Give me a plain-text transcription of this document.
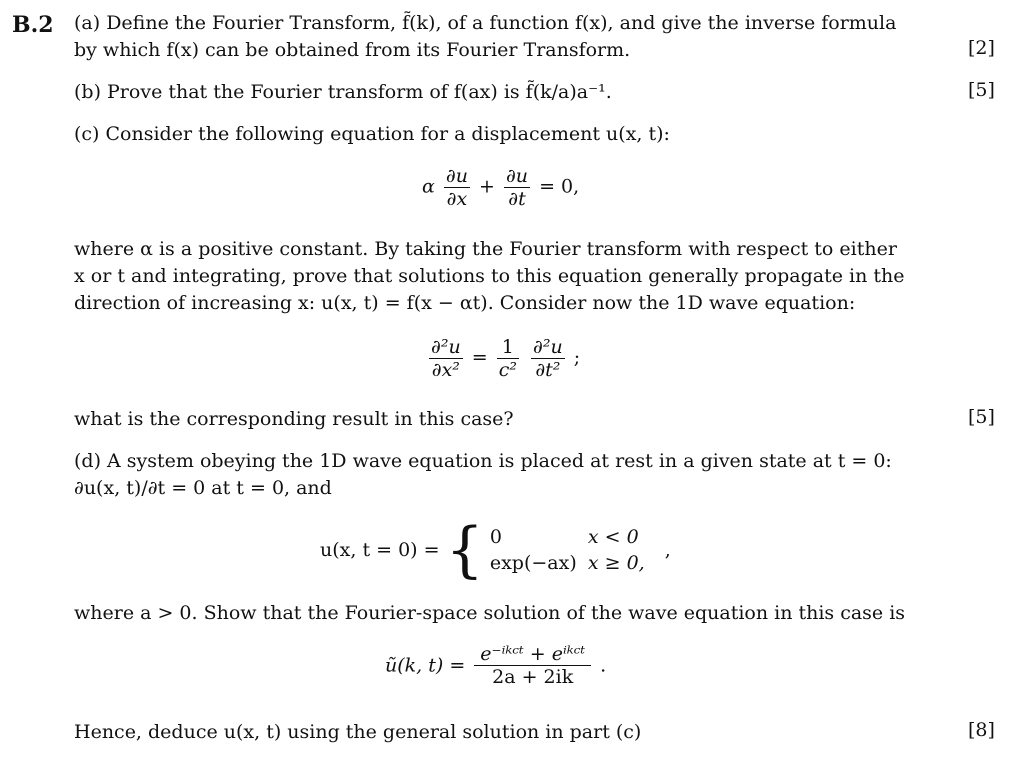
B.2 (a) Define the Fourier Transform, f̃(k), of a function f(x), and give the inverse formula
by which f(x) can be obtained from its Fourier Transform.	[2]
(b) Prove that the Fourier transform of f(ax) is f̃(k/a)a⁻¹.	[5]
(c) Consider the following equation for a displacement u(x, t):
α $\frac{\partial u}{\partial x} + \frac{\partial u}{\partial t} = 0$,
where α is a positive constant. By taking the Fourier transform with respect to either
x or t and integrating, prove that solutions to this equation generally propagate in the
direction of increasing x: u(x, t) = f(x − αt). Consider now the 1D wave equation:
$\frac{\text{∂²u}}{\text{∂x²}} = \frac{1}{\text{c²}}$
$\frac{\text{∂²u}}{\text{∂t²}}$ ;
what is the corresponding result in this case?	[5]
(d) A system obeying the 1D wave equation is placed at rest in a given state at t = 0:
∂u(x, t)/∂t = 0 at t = 0, and
u(x, t = 0) = { 0	x < 0
exp(−ax) x ≥ 0,
,
where a > 0. Show that the Fourier-space solution of the wave equation in this case is
ũ(k, $t) = \frac{\text{e⁻ⁱᵏᶜᵗ + eⁱᵏᶜᵗ}}{2a + 2ik}$ .
Hence, deduce u(x, t) using the general solution in part (c)	[8]
